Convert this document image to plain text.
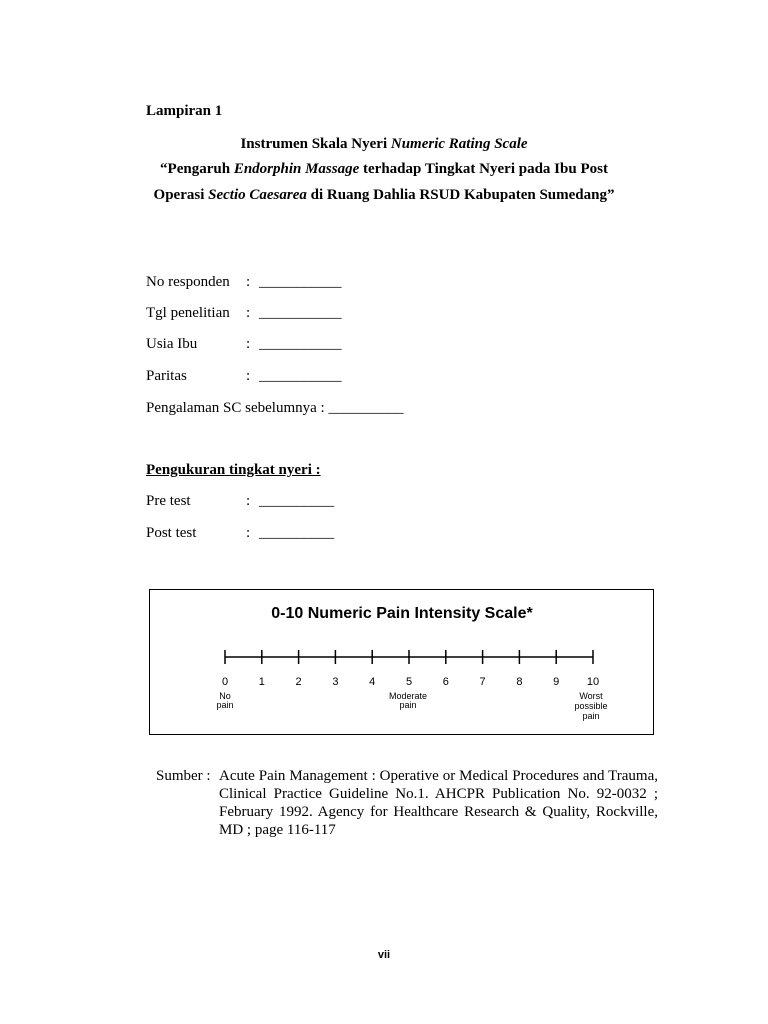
Lampiran 1
Instrumen Skala Nyeri Numeric Rating Scale
“Pengaruh Endorphin Massage terhadap Tingkat Nyeri pada Ibu Post
Operasi Sectio Caesarea di Ruang Dahlia RSUD Kabupaten Sumedang”
No responden : ___________
Tgl penelitian : ___________
Usia Ibu	: ___________
Paritas	: ___________
Pengalaman SC sebelumnya : __________
Pengukuran tingkat nyeri :
Pre test	: __________
Post test	: __________
0-10 Numeric Pain Intensity Scale*
0	1	2	3	4	5	6	7	8	9	10
No
pain
Moderate
pain
Worst
possible
pain
Sumber : Acute Pain Management : Operative or Medical Procedures and Trauma, Clinical Practice Guideline No.1. AHCPR Publication No. 92-0032 ; February 1992. Agency for Healthcare Research & Quality, Rockville, MD ; page 116-117
vii
